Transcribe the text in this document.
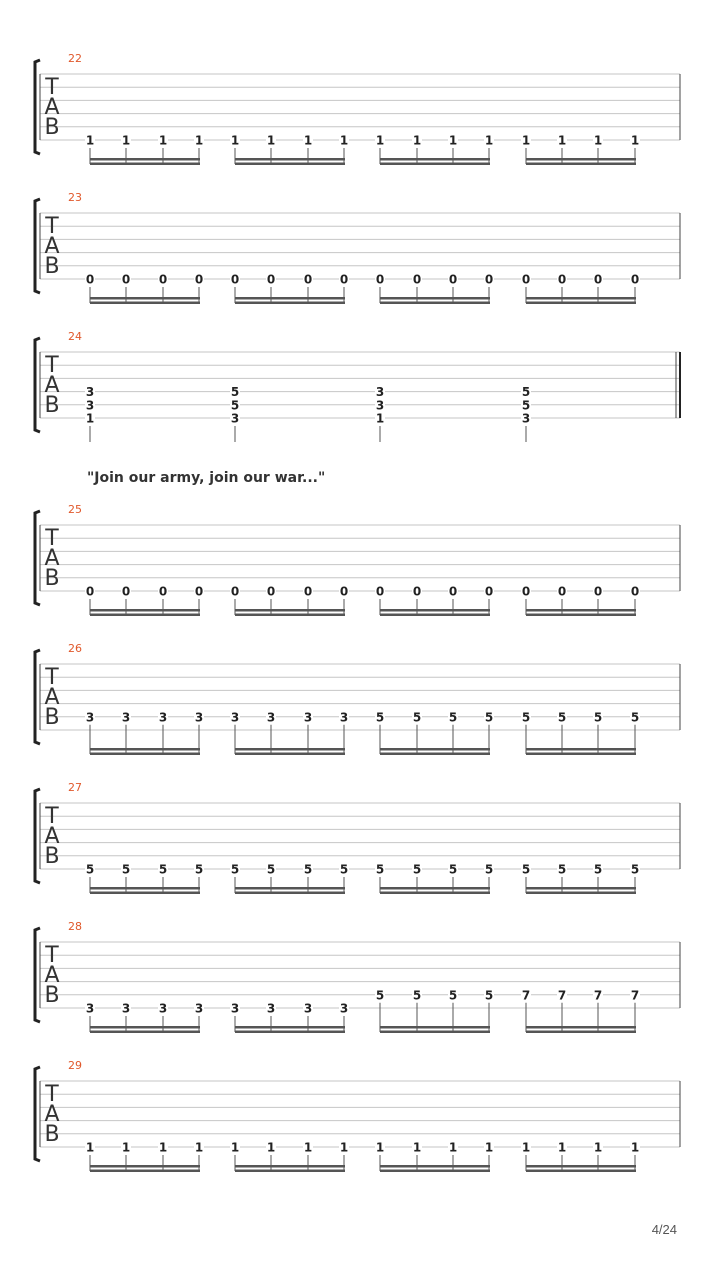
"Join our army, join our war..."
4/24
22
T
A
B
1 1 1 1 1 1 1 1 1 1 1 1 1 1 1 1
23
T
A
B
0 0 0 0 0 0 0 0 0 0 0 0 0 0 0 0
24
T
A
B
3
3
1
5
5
3
3
3
1
5
5
3
25
T
A
B
0 0 0 0 0 0 0 0 0 0 0 0 0 0 0 0
26
T
A
B 3 3 3 3 3 3 3 3 5 5 5 5 5 5 5 5
27
T
A
B
5 5 5 5 5 5 5 5 5 5 5 5 5 5 5 5
28
T
A
B
3 3 3 3 3 3 3 3
5 5 5 5 7 7 7 7
29
T
A
B
1 1 1 1 1 1 1 1 1 1 1 1 1 1 1 1
